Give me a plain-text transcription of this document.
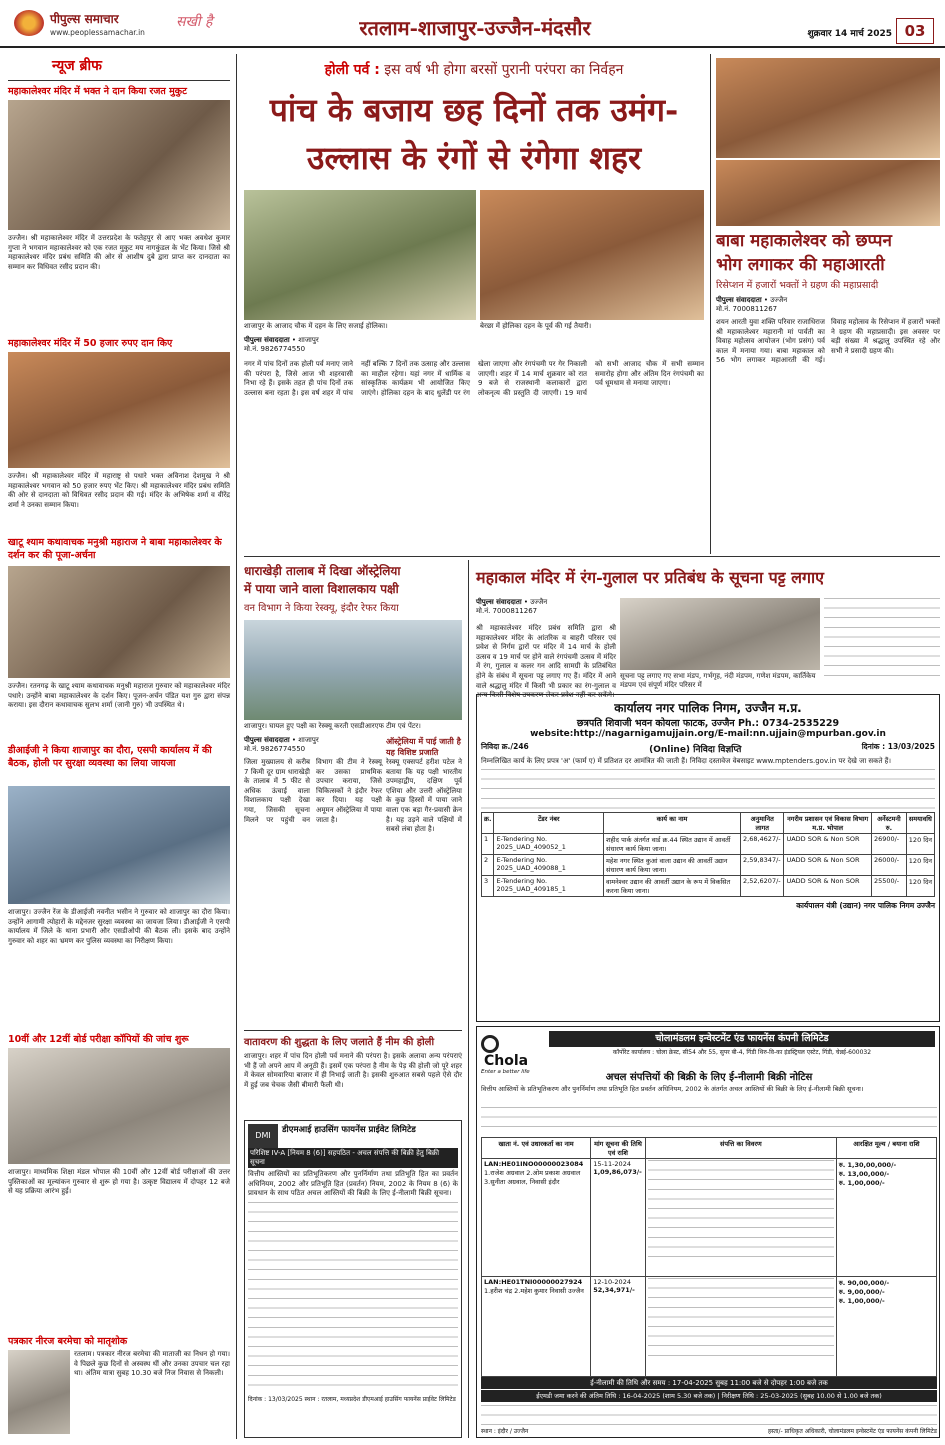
पीपुल्स समाचार
www.peoplessamachar.in
सखी है	रतलाम-शाजापुर-उज्जैन-मंदसौर	शुक्रवार 14 मार्च 2025 03
न्यूज ब्रीफ
महाकालेश्वर मंदिर में भक्त ने दान किया रजत मुकुट
उज्जैन। श्री महाकालेश्वर मंदिर में उत्तरप्रदेश के फतेहपुर से आए भक्त अवधेश कुमार गुप्ता ने भगवान महाकालेश्वर को एक रजत मुकुट मय नागकुंडल के भेंट किया। जिसे श्री महाकालेश्वर मंदिर प्रबंध समिति की ओर से आशीष दुबे द्वारा प्राप्त कर दानदाता का सम्मान कर विधिवत रसीद प्रदान की।
महाकालेश्वर मंदिर में 50 हजार रुपए दान किए
उज्जैन। श्री महाकालेश्वर मंदिर में महाराष्ट्र से पधारे भक्त अविनाश देशमुख ने श्री महाकालेश्वर भगवान को 50 हजार रुपए भेंट किए। श्री महाकालेश्वर मंदिर प्रबंध समिति की ओर से दानदाता को विधिवत रसीद प्रदान की गई। मंदिर के अभिषेक शर्मा व वीरेंद्र शर्मा ने उनका सम्मान किया।
खाटू श्याम कथावाचक मनुश्री महाराज ने बाबा महाकालेश्वर के दर्शन कर की पूजा-अर्चना
उज्जैन। रतनगढ़ के खाटू श्याम कथावाचक मनुश्री महाराज गुरुवार को महाकालेश्वर मंदिर पधारे। उन्होंने बाबा महाकालेश्वर के दर्शन किए। पूजन-अर्चन पंडित यश गुरु द्वारा संपन्न कराया। इस दौरान कथावाचक सुलभ शर्मा (जानी गुरु) भी उपस्थित थे।
डीआईजी ने किया शाजापुर का दौरा, एसपी कार्यालय में की बैठक, होली पर सुरक्षा व्यवस्था का लिया जायजा
शाजापुर। उज्जैन रेंज के डीआईजी नवनीत भसीन ने गुरुवार को शाजापुर का दौरा किया। उन्होंने आगामी त्योहारों के मद्देनजर सुरक्षा व्यवस्था का जायजा लिया। डीआईजी ने एसपी कार्यालय में जिले के थाना प्रभारी और एसडीओपी की बैठक ली। इसके बाद उन्होंने गुरुवार को शहर का भ्रमण कर पुलिस व्यवस्था का निरीक्षण किया।
10वीं और 12वीं बोर्ड परीक्षा कॉपियों की जांच शुरू
शाजापुर। माध्यमिक शिक्षा मंडल भोपाल की 10वीं और 12वीं बोर्ड परीक्षाओं की उत्तर पुस्तिकाओं का मूल्यांकन गुरुवार से शुरू हो गया है। उत्कृष्ट विद्यालय में दोपहर 12 बजे से यह प्रक्रिया आरंभ हुई।
पत्रकार नीरज बरमेचा को मातृशोक
रतलाम। पत्रकार नीरज बरमेचा की माताजी का निधन हो गया। वे पिछले कुछ दिनों से अस्वस्थ थीं और उनका उपचार चल रहा था। अंतिम यात्रा सुबह 10.30 बजे निज निवास से निकली।
होली पर्व : इस वर्ष भी होगा बरसों पुरानी परंपरा का निर्वहन
पांच के बजाय छह दिनों तक उमंग-
उल्लास के रंगों से रंगेगा शहर
शाजापुर के आजाद चौक में दहन के लिए सजाई होलिका।	बेरछा में होलिका दहन के पूर्व की गई तैयारी।
पीपुल्स संवाददाता • शाजापुर
मो.नं. 9826774550
नगर में पांच दिनों तक होली पर्व मनाए जाने की परंपरा है, जिसे आज भी शहरवासी निभा रहे हैं। इसके तहत ही पांच दिनों तक उल्लास बना रहता है। इस वर्ष शहर में पांच नहीं बल्कि 7 दिनों तक उत्साह और उल्लास का माहौल रहेगा। यहां नगर में धार्मिक व सांस्कृतिक कार्यक्रम भी आयोजित किए जाएंगे। होलिका दहन के बाद धुलेंडी पर रंग खेला जाएगा और रंगपंचमी पर गेर निकाली जाएगी। शहर में 14 मार्च शुक्रवार को रात 9 बजे से राजस्थानी कलाकारों द्वारा लोकनृत्य की प्रस्तुति दी जाएगी। 19 मार्च को सभी आजाद चौक में सभी सम्मान समारोह होगा और अंतिम दिन रंगपंचमी का पर्व धूमधाम से मनाया जाएगा।
बाबा महाकालेश्वर को छप्पन
भोग लगाकर की महाआरती
रिसेप्शन में हजारों भक्तों ने ग्रहण की महाप्रसादी
पीपुल्स संवाददाता • उज्जैन
मो.नं. 7000811267
शयन आरती युवा शक्ति परिवार राजाधिराज श्री महाकालेश्वर महारानी मां पार्वती का विवाह महोत्सव आयोजन (भोग प्रसंग) पर्व काल में मनाया गया। बाबा महाकाल को 56 भोग लगाकर महाआरती की गई। विवाह महोत्सव के रिसेप्शन में हजारों भक्तों ने ग्रहण की महाप्रसादी। इस अवसर पर बड़ी संख्या में श्रद्धालु उपस्थित रहे और सभी ने प्रसादी ग्रहण की।
धाराखेड़ी तालाब में दिखा ऑस्ट्रेलिया
में पाया जाने वाला विशालकाय पक्षी
वन विभाग ने किया रेस्क्यू, इंदौर रेफर किया
शाजापुर। घायल हुए पक्षी का रेस्क्यू करती एसडीआरएफ टीम एवं पेंटर।
पीपुल्स संवाददाता • शाजापुर
मो.नं. 9826774550
जिला मुख्यालय से करीब 7 किमी दूर ग्राम धाराखेड़ी के तालाब में 5 फीट से अधिक ऊंचाई वाला विशालकाय पक्षी देखा गया, जिसकी सूचना मिलने पर पहुंची वन विभाग की टीम ने रेस्क्यू कर उसका प्राथमिक उपचार कराया, जिसे चिकित्सकों ने इंदौर रेफर कर दिया। यह पक्षी अमूमन ऑस्ट्रेलिया में पाया जाता है।
ऑस्ट्रेलिया में पाई जाती है
यह विशिष्ट प्रजाति
रेस्क्यू एक्सपर्ट हरीश पटेल ने बताया कि यह पक्षी भारतीय उपमहाद्वीप, दक्षिण पूर्व एशिया और उत्तरी ऑस्ट्रेलिया के कुछ हिस्सों में पाया जाने वाला एक बड़ा गैर-प्रवासी क्रेन है। यह उड़ने वाले पक्षियों में सबसे लंबा होता है।
वातावरण की शुद्धता के लिए जलाते हैं नीम की होली
शाजापुर। शहर में पांच दिन होली पर्व मनाने की परंपरा है। इसके अलावा अन्य परंपराएं भी हैं जो अपने आप में अनूठी हैं। इसमें एक परंपरा है नीम के पेड़ की होली जो पूरे शहर में केवल सोमवारिया बाजार में ही निभाई जाती है। इसकी शुरुआत सबसे पहले ऐसे दौर में हुई जब चेचक जैसी बीमारी फैली थी।
DMI
डीएमआई हाउसिंग फायनेंस प्राईवेट लिमिटेड
परिशिष्ट IV-A [नियम 8 (6)] सहपठित - अचल संपत्ति की बिक्री हेतु बिक्री सूचना
वित्तीय आस्तियों का प्रतिभूतिकरण और पुनर्निर्माण तथा प्रतिभूति हित का प्रवर्तन अधिनियम, 2002 और प्रतिभूति हित (प्रवर्तन) नियम, 2002 के नियम 8 (6) के प्रावधान के साथ पठित अचल आस्तियों की बिक्री के लिए ई-नीलामी बिक्री सूचना।
दिनांक : 13/03/2025 स्थान : रतलाम, मध्यप्रदेश डीएमआई हाउसिंग फायनेंस प्राईवेट लिमिटेड
महाकाल मंदिर में रंग-गुलाल पर प्रतिबंध के सूचना पट्ट लगाए
पीपुल्स संवाददाता • उज्जैन
मो.नं. 7000811267
श्री महाकालेश्वर मंदिर प्रबंध समिति द्वारा श्री महाकालेश्वर मंदिर के आंतरिक व बाहरी परिसर एवं प्रवेश से निर्गम द्वारों पर मंदिर में 14 मार्च के होली उत्सव व 19 मार्च पर होने वाले रंगपंचमी उत्सव में मंदिर में रंग, गुलाल व कलर गन आदि सामग्री के प्रतिबंधित होने के संबंध में सूचना पट्ट लगाए गए हैं। मंदिर में आने वाले श्रद्धालु मंदिर में किसी भी प्रकार का रंग-गुलाल व अन्य किसी विशेष उपकरण लेकर प्रवेश नहीं कर सकेंगे।
सूचना पट्ट लगाए गए सभा मंडप, गर्भगृह, नंदी मंडपम, गणेश मंडपम, कार्तिकेय मंडपम एवं संपूर्ण मंदिर परिसर में
कार्यालय नगर पालिक निगम, उज्जैन म.प्र.
छत्रपति शिवाजी भवन कोयला फाटक, उज्जैन Ph.: 0734-2535229
website:http://nagarnigamujjain.org/E-mail:nn.ujjain@mpurban.gov.in
निविदा क्र./246	(Online) निविदा विज्ञप्ति	दिनांक : 13/03/2025
निम्नलिखित कार्य के लिए प्रपत्र 'अ' (फार्म ए) में प्रतिशत दर आमंत्रित की जाती हैं। निविदा दस्तावेज वेबसाइट www.mptenders.gov.in पर देखे जा सकते हैं।
क्र.	टेंडर नंबर	कार्य का नाम	अनुमानित लागत	नगरीय प्रशासन एवं विकास विभाग म.प्र. भोपाल	अर्नेस्टमनी रु.	समयावधि
1	E-Tendering No. 2025_UAD_409052_1	शहीद पार्क अंतर्गत वार्ड क्र.44 स्थित उद्यान में आवर्ती संधारण कार्य किया जाना।	2,68,4627/-	UADD SOR & Non SOR	26900/-	120 दिन
2	E-Tendering No. 2025_UAD_409088_1	महेश नगर स्थित कुआं वाला उद्यान की आवर्ती उद्यान संधारण कार्य किया जाना।	2,59,8347/-	UADD SOR & Non SOR	26000/-	120 दिन
3	E-Tendering No. 2025_UAD_409185_1	वामनेश्वर उद्यान की आवर्ती उद्यान के रूप में विकसित करना किया जाना।	2,52,6207/-	UADD SOR & Non SOR	25500/-	120 दिन
कार्यपालन यंत्री (उद्यान) नगर पालिक निगम उज्जैन
Chola
Enter a better life
चोलामंडलम इन्वेस्टमेंट एंड फायनेंस कंपनी लिमिटेड
कॉर्पोरेट कार्यालय : चोला क्रेस्ट, सी54 और 55, सुपर बी-4, गिंडी थिरु-वि-का इंडस्ट्रियल एस्टेट, गिंडी, चेन्नई-600032
अचल संपत्तियों की बिक्री के लिए ई-नीलामी बिक्री नोटिस
वित्तीय आस्तियों के प्रतिभूतिकरण और पुनर्निर्माण तथा प्रतिभूति हित प्रवर्तन अधिनियम, 2002 के अंतर्गत अचल आस्तियों की बिक्री के लिए ई-नीलामी बिक्री सूचना।
खाता नं. एवं उधारकर्ता का नाम	मांग सूचना की तिथि एवं राशि	संपत्ति का विवरण	आरक्षित मूल्य / बयाना राशि
LAN:HE01INO00000023084
1.राजेश अग्रवाल 2.ओम प्रकाश अग्रवाल 3.सुनीता अग्रवाल, निवासी इंदौर	15-11-2024
1,09,86,073/-		रु. 1,30,00,000/-
रु. 13,00,000/-
रु. 1,00,000/-
LAN:HE01TNI00000027924
1.हरीश चंद्र 2.महेश कुमार निवासी उज्जैन	12-10-2024
52,34,971/-		रु. 90,00,000/-
रु. 9,00,000/-
रु. 1,00,000/-
ई-नीलामी की तिथि और समय : 17-04-2025 सुबह 11:00 बजे से दोपहर 1:00 बजे तक
ईएमडी जमा करने की अंतिम तिथि : 16-04-2025 (शाम 5.30 बजे तक) | निरीक्षण तिथि : 25-03-2025 (सुबह 10.00 से 1.00 बजे तक)
स्थान : इंदौर / उज्जैन	हस्ता/- प्राधिकृत अधिकारी, चोलामंडलम इन्वेस्टमेंट एंड फायनेंस कंपनी लिमिटेड
